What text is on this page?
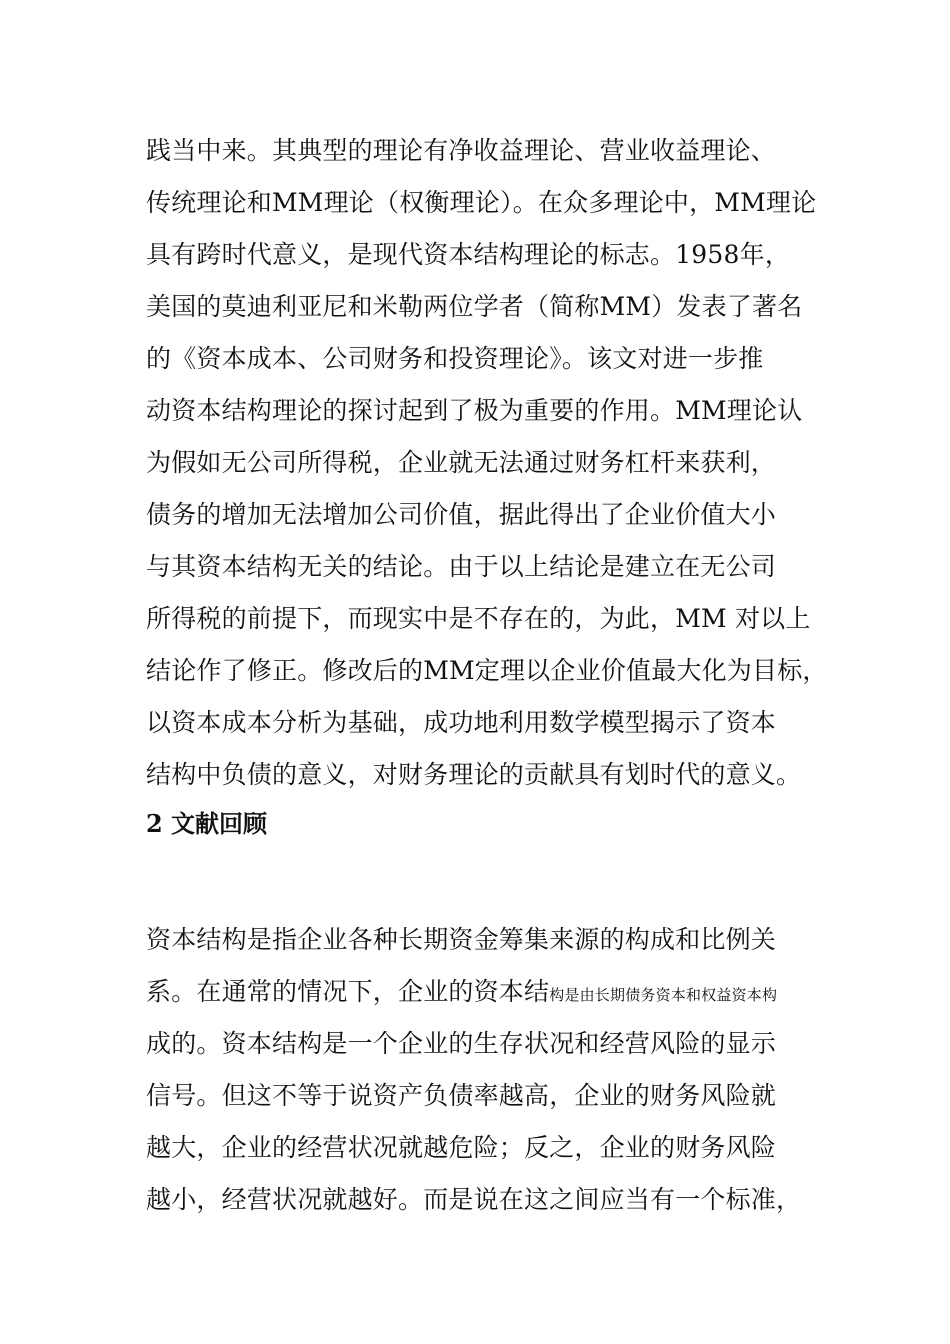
践当中来。其典型的理论有净收益理论、营业收益理论、
传统理论和MM理论（权衡理论）。在众多理论中，MM理论
具有跨时代意义，是现代资本结构理论的标志。1958年，
美国的莫迪利亚尼和米勒两位学者（简称MM）发表了著名
的《资本成本、公司财务和投资理论》。该文对进一步推
动资本结构理论的探讨起到了极为重要的作用。MM理论认
为假如无公司所得税，企业就无法通过财务杠杆来获利，
债务的增加无法增加公司价值，据此得出了企业价值大小
与其资本结构无关的结论。由于以上结论是建立在无公司
所得税的前提下，而现实中是不存在的，为此，MM 对以上
结论作了修正。修改后的MM定理以企业价值最大化为目标，
以资本成本分析为基础，成功地利用数学模型揭示了资本
结构中负债的意义，对财务理论的贡献具有划时代的意义。
2 文献回顾
资本结构是指企业各种长期资金筹集来源的构成和比例关
系。在通常的情况下，企业的资本结构是由长期债务资本和权益资本构
成的。资本结构是一个企业的生存状况和经营风险的显示
信号。但这不等于说资产负债率越高，企业的财务风险就
越大，企业的经营状况就越危险；反之，企业的财务风险
越小，经营状况就越好。而是说在这之间应当有一个标准，
